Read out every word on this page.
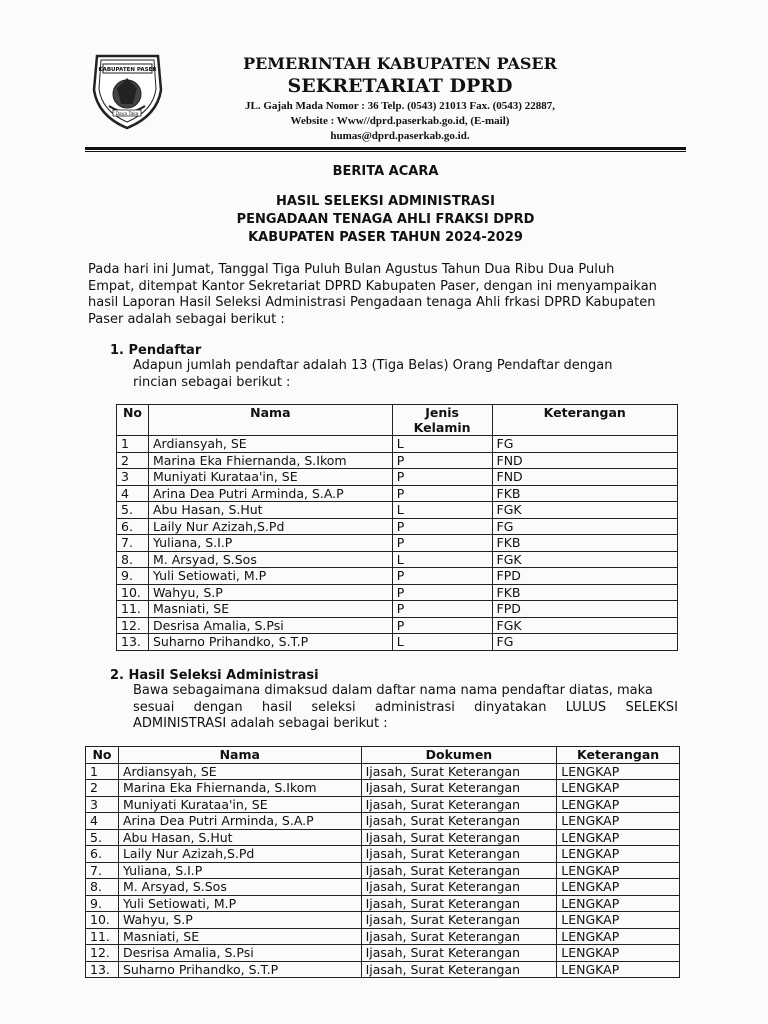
KABUPATEN PASER
Daya Taka
PEMERINTAH KABUPATEN PASER
SEKRETARIAT DPRD
JL. Gajah Mada Nomor : 36 Telp. (0543) 21013 Fax. (0543) 22887,
Website : Www//dprd.paserkab.go.id, (E-mail)
humas@dprd.paserkab.go.id.
BERITA ACARA
HASIL SELEKSI ADMINISTRASI
PENGADAAN TENAGA AHLI FRAKSI DPRD
KABUPATEN PASER TAHUN 2024-2029
Pada hari ini Jumat, Tanggal Tiga Puluh Bulan Agustus Tahun Dua Ribu Dua Puluh
Empat, ditempat Kantor Sekretariat DPRD Kabupaten Paser, dengan ini menyampaikan
hasil Laporan Hasil Seleksi Administrasi Pengadaan tenaga Ahli frkasi DPRD Kabupaten
Paser adalah sebagai berikut :
1. Pendaftar
Adapun jumlah pendaftar adalah 13 (Tiga Belas) Orang Pendaftar dengan
rincian sebagai berikut :
No	Nama	Jenis Kelamin	Keterangan
1	Ardiansyah, SE	L	FG
2	Marina Eka Fhiernanda, S.Ikom	P	FND
3	Muniyati Kurataa'in, SE	P	FND
4	Arina Dea Putri Arminda, S.A.P	P	FKB
5.	Abu Hasan, S.Hut	L	FGK
6.	Laily Nur Azizah,S.Pd	P	FG
7.	Yuliana, S.I.P	P	FKB
8.	M. Arsyad, S.Sos	L	FGK
9.	Yuli Setiowati, M.P	P	FPD
10.	Wahyu, S.P	P	FKB
11.	Masniati, SE	P	FPD
12.	Desrisa Amalia, S.Psi	P	FGK
13.	Suharno Prihandko, S.T.P	L	FG
2. Hasil Seleksi Administrasi
Bawa sebagaimana dimaksud dalam daftar nama nama pendaftar diatas, maka
sesuai dengan hasil seleksi administrasi dinyatakan LULUS SELEKSI
ADMINISTRASI adalah sebagai berikut :
No	Nama	Dokumen	Keterangan
1	Ardiansyah, SE	Ijasah, Surat Keterangan	LENGKAP
2	Marina Eka Fhiernanda, S.Ikom	Ijasah, Surat Keterangan	LENGKAP
3	Muniyati Kurataa'in, SE	Ijasah, Surat Keterangan	LENGKAP
4	Arina Dea Putri Arminda, S.A.P	Ijasah, Surat Keterangan	LENGKAP
5.	Abu Hasan, S.Hut	Ijasah, Surat Keterangan	LENGKAP
6.	Laily Nur Azizah,S.Pd	Ijasah, Surat Keterangan	LENGKAP
7.	Yuliana, S.I.P	Ijasah, Surat Keterangan	LENGKAP
8.	M. Arsyad, S.Sos	Ijasah, Surat Keterangan	LENGKAP
9.	Yuli Setiowati, M.P	Ijasah, Surat Keterangan	LENGKAP
10.	Wahyu, S.P	Ijasah, Surat Keterangan	LENGKAP
11.	Masniati, SE	Ijasah, Surat Keterangan	LENGKAP
12.	Desrisa Amalia, S.Psi	Ijasah, Surat Keterangan	LENGKAP
13.	Suharno Prihandko, S.T.P	Ijasah, Surat Keterangan	LENGKAP
